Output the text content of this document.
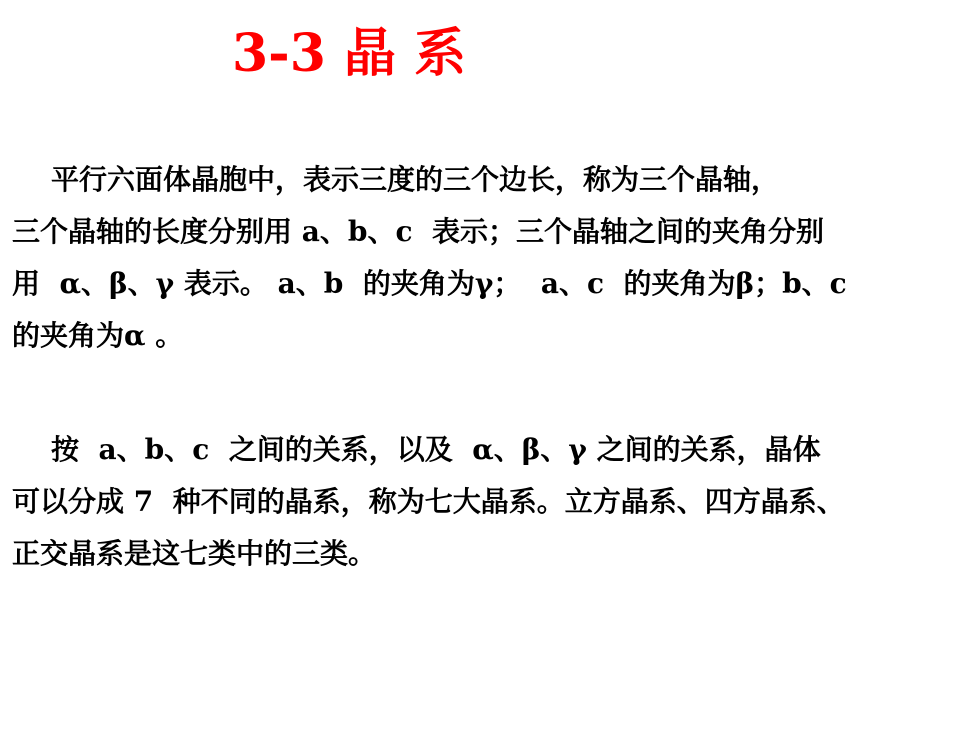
3-3 晶 系
平行六面体晶胞中，表示三度的三个边长，称为三个晶轴，
三个晶轴的长度分别用 a、b、c  表示；三个晶轴之间的夹角分别
用  α、β、γ 表示。 a、b  的夹角为γ；  a、c  的夹角为β；b、c
的夹角为α 。
按  a、b、c  之间的关系，以及  α、β、γ 之间的关系，晶体
可以分成 7  种不同的晶系，称为七大晶系。立方晶系、四方晶系、
正交晶系是这七类中的三类。
